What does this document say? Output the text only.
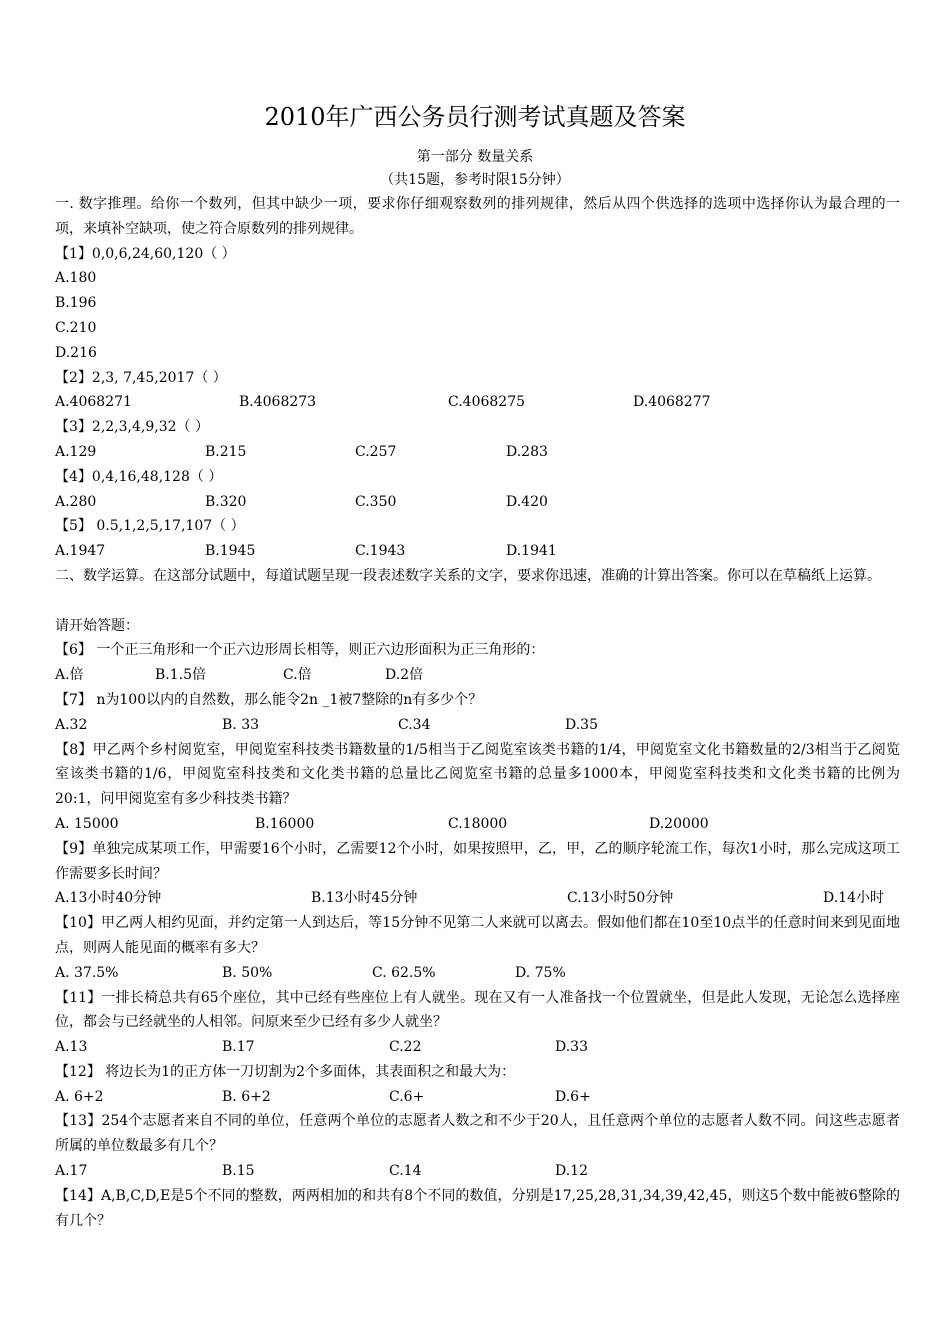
2010年广西公务员行测考试真题及答案
第一部分 数量关系
（共15题，参考时限15分钟）
一. 数字推理。给你一个数列，但其中缺少一项，要求你仔细观察数列的排列规律，然后从四个供选择的选项中选择你认为最合理的一项，来填补空缺项，使之符合原数列的排列规律。
【1】0,0,6,24,60,120（ ）
A.180
B.196
C.210
D.216
【2】2,3, 7,45,2017（ ）
A.4068271	B.4068273	C.4068275	D.4068277
【3】2,2,3,4,9,32（ ）
A.129	B.215	C.257	D.283
【4】0,4,16,48,128（ ）
A.280	B.320	C.350	D.420
【5】 0.5,1,2,5,17,107（ ）
A.1947	B.1945	C.1943	D.1941
二、数学运算。在这部分试题中，每道试题呈现一段表述数字关系的文字，要求你迅速，准确的计算出答案。你可以在草稿纸上运算。
请开始答题：
【6】 一个正三角形和一个正六边形周长相等，则正六边形面积为正三角形的：
A.倍	B.1.5倍	C.倍	D.2倍
【7】 n为100以内的自然数，那么能令2n _1被7整除的n有多少个？
A.32	B. 33	C.34	D.35
【8】甲乙两个乡村阅览室，甲阅览室科技类书籍数量的1/5相当于乙阅览室该类书籍的1/4，甲阅览室文化书籍数量的2/3相当于乙阅览室该类书籍的1/6，甲阅览室科技类和文化类书籍的总量比乙阅览室书籍的总量多1000本，甲阅览室科技类和文化类书籍的比例为20:1，问甲阅览室有多少科技类书籍？
A. 15000	B.16000	C.18000	D.20000
【9】单独完成某项工作，甲需要16个小时，乙需要12个小时，如果按照甲，乙，甲，乙的顺序轮流工作，每次1小时，那么完成这项工作需要多长时间？
A.13小时40分钟	B.13小时45分钟	C.13小时50分钟	D.14小时
【10】甲乙两人相约见面，并约定第一人到达后，等15分钟不见第二人来就可以离去。假如他们都在10至10点半的任意时间来到见面地点，则两人能见面的概率有多大？
A. 37.5%	B. 50%	C. 62.5%	D. 75%
【11】一排长椅总共有65个座位，其中已经有些座位上有人就坐。现在又有一人准备找一个位置就坐，但是此人发现，无论怎么选择座位，都会与已经就坐的人相邻。问原来至少已经有多少人就坐？
A.13	B.17	C.22	D.33
【12】 将边长为1的正方体一刀切割为2个多面体，其表面积之和最大为：
A. 6+2	B. 6+2	C.6+	D.6+
【13】254个志愿者来自不同的单位，任意两个单位的志愿者人数之和不少于20人，且任意两个单位的志愿者人数不同。问这些志愿者所属的单位数最多有几个？
A.17	B.15	C.14	D.12
【14】A,B,C,D,E是5个不同的整数，两两相加的和共有8个不同的数值，分别是17,25,28,31,34,39,42,45，则这5个数中能被6整除的有几个？
